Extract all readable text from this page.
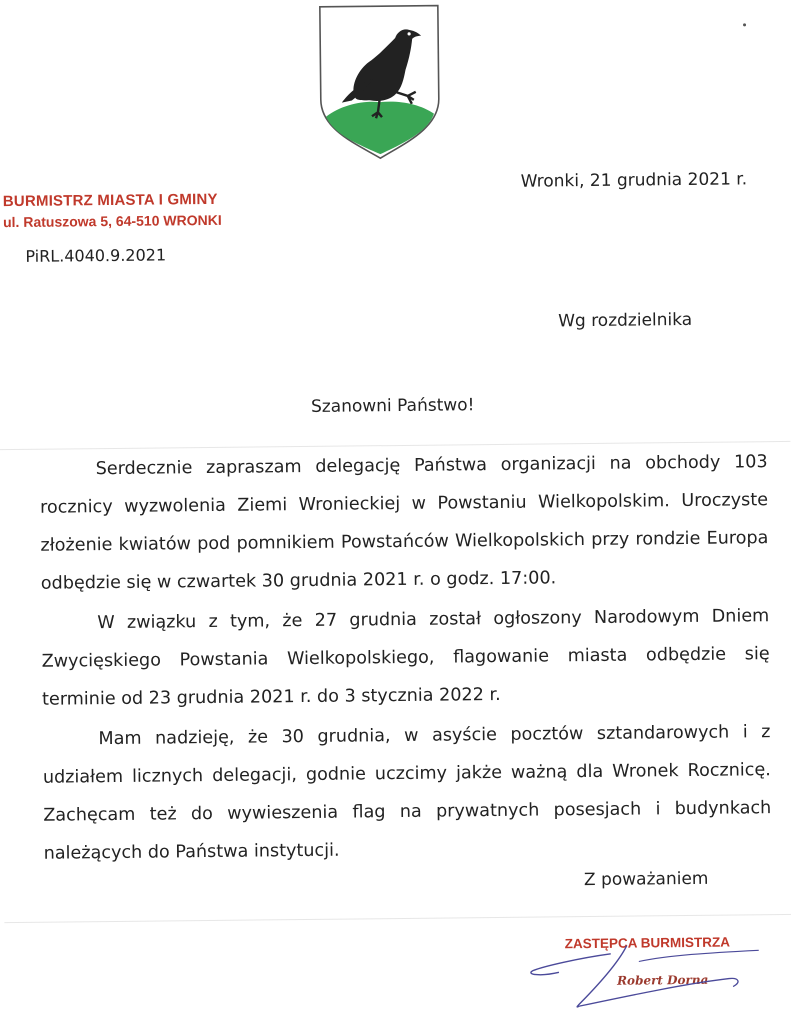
BURMISTRZ MIASTA I GMINY
ul. Ratuszowa 5, 64-510 WRONKI
PiRL.4040.9.2021
Wronki, 21 grudnia 2021 r.
Wg rozdzielnika
Szanowni Państwo!

Serdecznie zapraszam delegację Państwa organizacji na obchody 103 rocznicy wyzwolenia Ziemi Wronieckiej w Powstaniu Wielkopolskim. Uroczyste złożenie kwiatów pod pomnikiem Powstańców Wielkopolskich przy rondzie Europa odbędzie się w czwartek 30 grudnia 2021 r. o godz. 17:00.

W związku z tym, że 27 grudnia został ogłoszony Narodowym Dniem Zwycięskiego Powstania Wielkopolskiego, flagowanie miasta odbędzie się terminie od 23 grudnia 2021 r. do 3 stycznia 2022 r.

Mam nadzieję, że 30 grudnia, w asyście pocztów sztandarowych i z udziałem licznych delegacji, godnie uczcimy jakże ważną dla Wronek Rocznicę. Zachęcam też do wywieszenia flag na prywatnych posesjach i budynkach należących do Państwa instytucji.

Z poważaniem
ZASTĘPCA BURMISTRZA
Robert Dorna
